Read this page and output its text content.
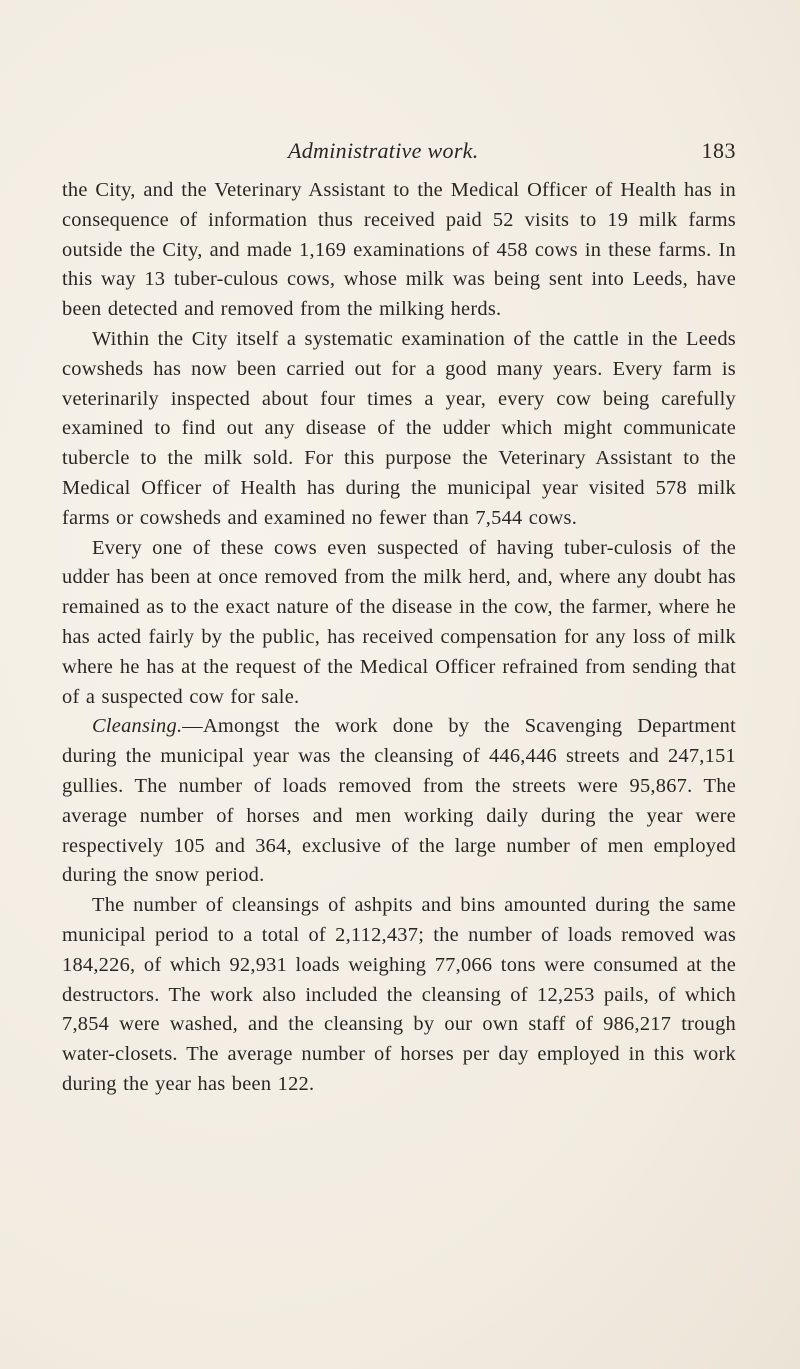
Administrative work.	183

the City, and the Veterinary Assistant to the Medical Officer of Health has in consequence of information thus received paid 52 visits to 19 milk farms outside the City, and made 1,169 examinations of 458 cows in these farms. In this way 13 tuber-culous cows, whose milk was being sent into Leeds, have been detected and removed from the milking herds.

Within the City itself a systematic examination of the cattle in the Leeds cowsheds has now been carried out for a good many years. Every farm is veterinarily inspected about four times a year, every cow being carefully examined to find out any disease of the udder which might communicate tubercle to the milk sold. For this purpose the Veterinary Assistant to the Medical Officer of Health has during the municipal year visited 578 milk farms or cowsheds and examined no fewer than 7,544 cows.

Every one of these cows even suspected of having tuber-culosis of the udder has been at once removed from the milk herd, and, where any doubt has remained as to the exact nature of the disease in the cow, the farmer, where he has acted fairly by the public, has received compensation for any loss of milk where he has at the request of the Medical Officer refrained from sending that of a suspected cow for sale.

Cleansing.—Amongst the work done by the Scavenging Department during the municipal year was the cleansing of 446,446 streets and 247,151 gullies. The number of loads removed from the streets were 95,867. The average number of horses and men working daily during the year were respectively 105 and 364, exclusive of the large number of men employed during the snow period.

The number of cleansings of ashpits and bins amounted during the same municipal period to a total of 2,112,437; the number of loads removed was 184,226, of which 92,931 loads weighing 77,066 tons were consumed at the destructors. The work also included the cleansing of 12,253 pails, of which 7,854 were washed, and the cleansing by our own staff of 986,217 trough water-closets. The average number of horses per day employed in this work during the year has been 122.
